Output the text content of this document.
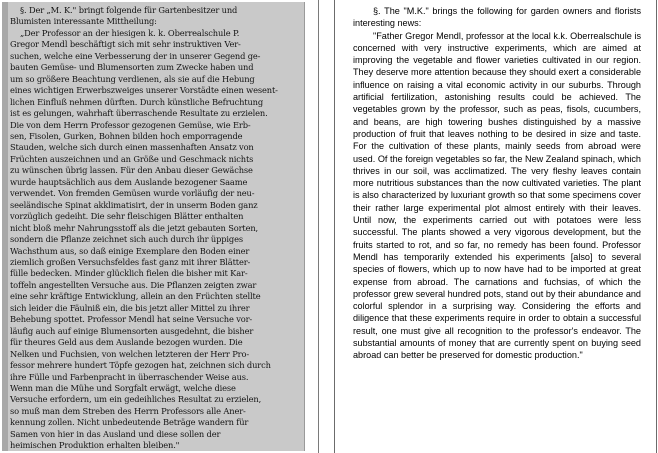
§. Der „M. K." bringt folgende für Gartenbesitzer und
Blumisten interessante Mittheilung:
„Der Professor an der hiesigen k. k. Oberrealschule P.
Gregor Mendl beschäftigt sich mit sehr instruktiven Ver-
suchen, welche eine Verbesserung der in unserer Gegend ge-
bauten Gemüse- und Blumensorten zum Zwecke haben und
um so größere Beachtung verdienen, als sie auf die Hebung
eines wichtigen Erwerbszweiges unserer Vorstädte einen wesent-
lichen Einfluß nehmen dürften. Durch künstliche Befruchtung
ist es gelungen, wahrhaft überraschende Resultate zu erzielen.
Die von dem Herrn Professor gezogenen Gemüse, wie Erb-
sen, Fisolen, Gurken, Bohnen bilden hoch emporragende
Stauden, welche sich durch einen massenhaften Ansatz von
Früchten auszeichnen und an Größe und Geschmack nichts
zu wünschen übrig lassen. Für den Anbau dieser Gewächse
wurde hauptsächlich aus dem Auslande bezogener Saame
verwendet. Von fremden Gemüsen wurde vorläufig der neu-
seeländische Spinat akklimatisirt, der in unserm Boden ganz
vorzüglich gedeiht. Die sehr fleischigen Blätter enthalten
nicht bloß mehr Nahrungsstoff als die jetzt gebauten Sorten,
sondern die Pflanze zeichnet sich auch durch ihr üppiges
Wachsthum aus, so daß einige Exemplare den Boden einer
ziemlich großen Versuchsfeldes fast ganz mit ihrer Blätter-
fülle bedecken. Minder glücklich fielen die bisher mit Kar-
toffeln angestellten Versuche aus. Die Pflanzen zeigten zwar
eine sehr kräftige Entwicklung, allein an den Früchten stellte
sich leider die Fäulniß ein, die bis jetzt aller Mittel zu ihrer
Behebung spottet. Professor Mendl hat seine Versuche vor-
läufig auch auf einige Blumensorten ausgedehnt, die bisher
für theures Geld aus dem Auslande bezogen wurden. Die
Nelken und Fuchsien, von welchen letzteren der Herr Pro-
fessor mehrere hundert Töpfe gezogen hat, zeichnen sich durch
ihre Fülle und Farbenpracht in überraschender Weise aus.
Wenn man die Mühe und Sorgfalt erwägt, welche diese
Versuche erfordern, um ein gedeihliches Resultat zu erzielen,
so muß man dem Streben des Herrn Professors alle Aner-
kennung zollen. Nicht unbedeutende Beträge wandern für
Samen von hier in das Ausland und diese sollen der
heimischen Produktion erhalten bleiben."

§. The "M.K." brings the following for garden owners and florists interesting news:

"Father Gregor Mendl, professor at the local k.k. Oberrealschule is concerned with very instructive experiments, which are aimed at improving the vegetable and flower varieties cultivated in our region. They deserve more attention because they should exert a considerable influence on raising a vital economic activity in our suburbs. Through artificial fertilization, astonishing results could be achieved. The vegetables grown by the professor, such as peas, fisols, cucumbers, and beans, are high towering bushes distinguished by a massive production of fruit that leaves nothing to be desired in size and taste. For the cultivation of these plants, mainly seeds from abroad were used. Of the foreign vegetables so far, the New Zealand spinach, which thrives in our soil, was acclimatized. The very fleshy leaves contain more nutritious substances than the now cultivated varieties. The plant is also characterized by luxuriant growth so that some specimens cover their rather large experimental plot almost entirely with their leaves. Until now, the experiments carried out with potatoes were less successful. The plants showed a very vigorous development, but the fruits started to rot, and so far, no remedy has been found. Professor Mendl has temporarily extended his experiments [also] to several species of flowers, which up to now have had to be imported at great expense from abroad. The carnations and fuchsias, of which the professor grew several hundred pots, stand out by their abundance and colorful splendor in a surprising way. Considering the efforts and diligence that these experiments require in order to obtain a successful result, one must give all recognition to the professor's endeavor. The substantial amounts of money that are currently spent on buying seed abroad can better be preserved for domestic production."
